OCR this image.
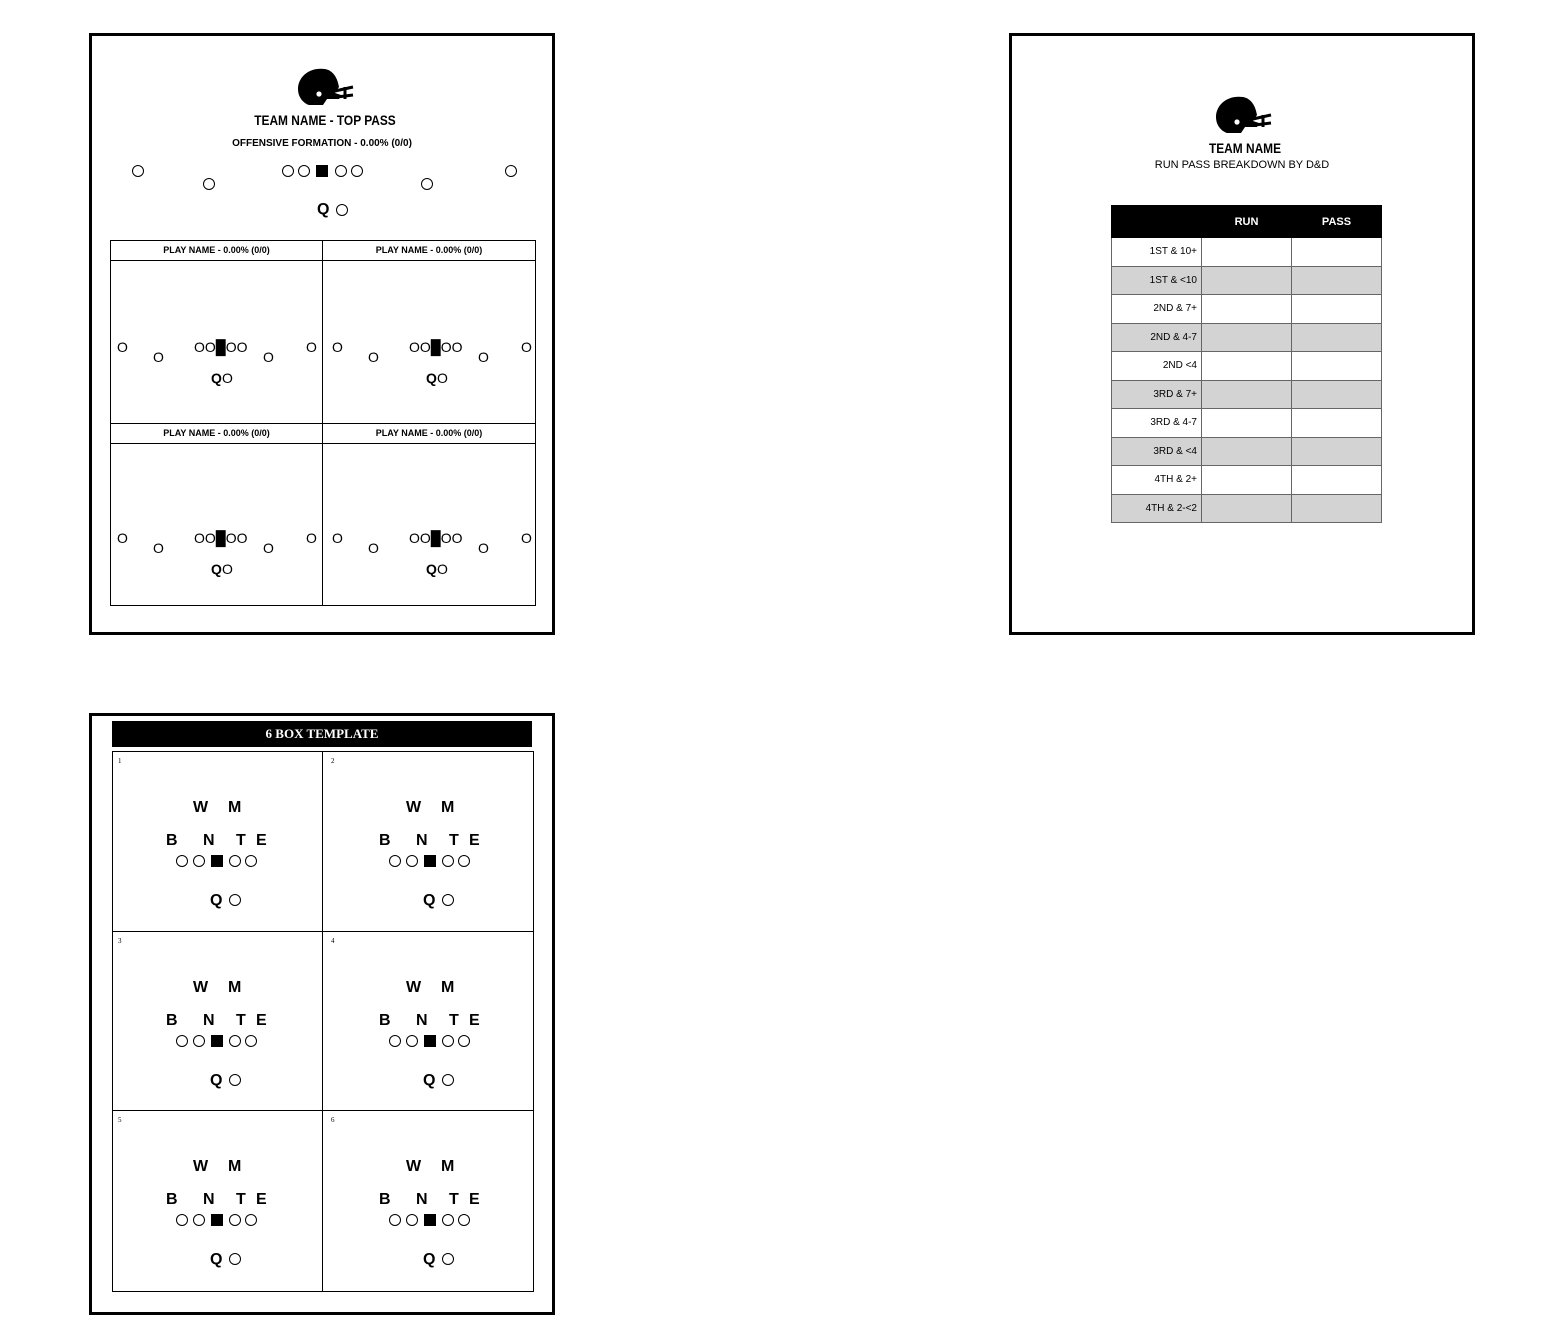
TEAM NAME - TOP PASS
OFFENSIVE FORMATION - 0.00% (0/0)
Q
PLAY NAME - 0.00% (0/0)
O
O
OO█OO
O
O
Q O
PLAY NAME - 0.00% (0/0)
O
O
OO█OO
O
O
Q O
PLAY NAME - 0.00% (0/0)
O
O
OO█OO
O
O
Q O
PLAY NAME - 0.00% (0/0)
O
O
OO█OO
O
O
Q O
TEAM NAME
RUN PASS BREAKDOWN BY D&D
	RUN	PASS
1ST & 10+		
1ST & <10		
2ND & 7+		
2ND & 4-7		
2ND <4		
3RD & 7+		
3RD & 4-7		
3RD & <4		
4TH & 2+		
4TH & 2-<2		
6 BOX TEMPLATE
1
W M
B N T E
Q
2
W M
B N T E
Q
3
W M
B N T E
Q
4
W M
B N T E
Q
5
W M
B N T E
Q
6
W M
B N T E
Q
